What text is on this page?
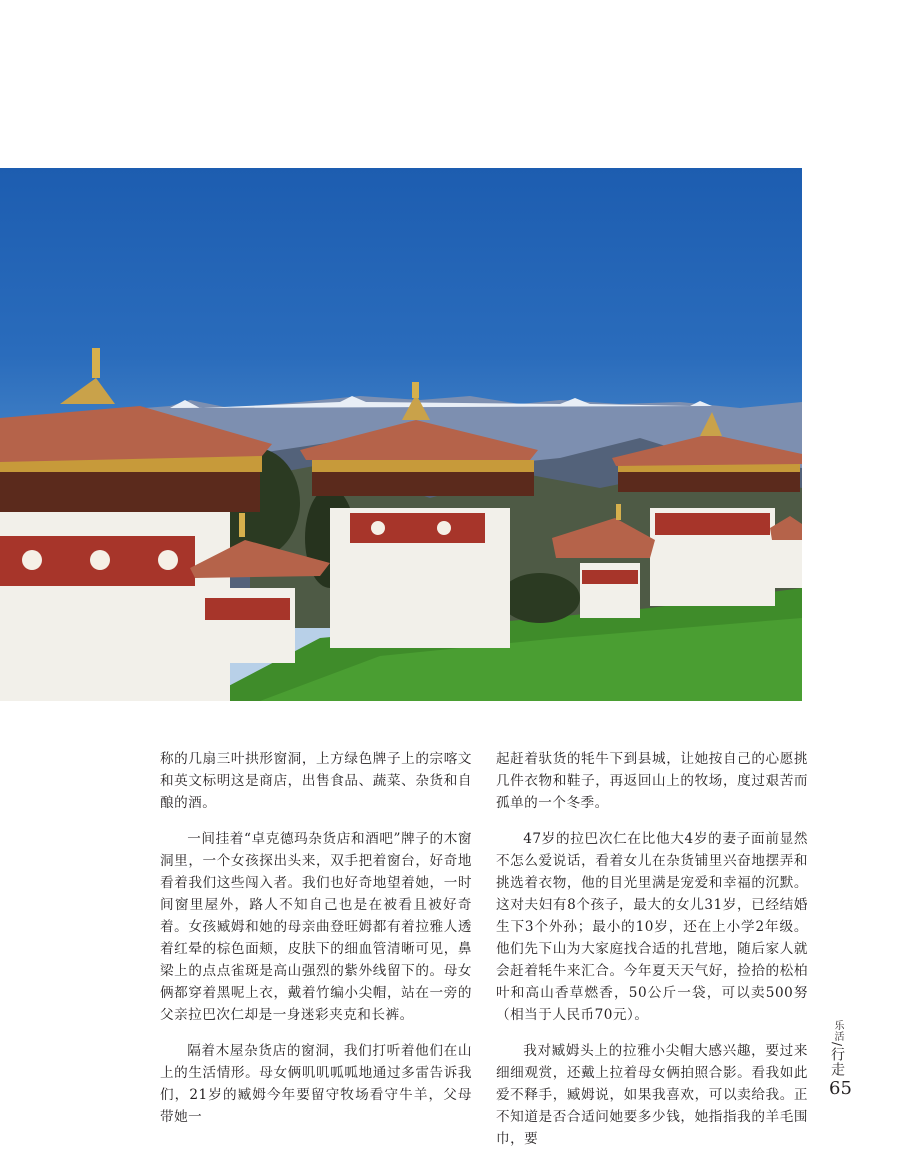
称的几扇三叶拱形窗洞，上方绿色牌子上的宗喀文和英文标明这是商店，出售食品、蔬菜、杂货和自酿的酒。

一间挂着“卓克德玛杂货店和酒吧”牌子的木窗洞里，一个女孩探出头来，双手把着窗台，好奇地看着我们这些闯入者。我们也好奇地望着她，一时间窗里屋外，路人不知自己也是在被看且被好奇着。女孩臧姆和她的母亲曲登旺姆都有着拉雅人透着红晕的棕色面颊，皮肤下的细血管清晰可见，鼻梁上的点点雀斑是高山强烈的紫外线留下的。母女俩都穿着黑呢上衣，戴着竹编小尖帽，站在一旁的父亲拉巴次仁却是一身迷彩夹克和长裤。

隔着木屋杂货店的窗洞，我们打听着他们在山上的生活情形。母女俩叽叽呱呱地通过多雷告诉我们，21岁的臧姆今年要留守牧场看守牛羊，父母带她一

起赶着驮货的牦牛下到县城，让她按自己的心愿挑几件衣物和鞋子，再返回山上的牧场，度过艰苦而孤单的一个冬季。

47岁的拉巴次仁在比他大4岁的妻子面前显然不怎么爱说话，看着女儿在杂货铺里兴奋地摆弄和挑选着衣物，他的目光里满是宠爱和幸福的沉默。这对夫妇有8个孩子，最大的女儿31岁，已经结婚生下3个外孙；最小的10岁，还在上小学2年级。他们先下山为大家庭找合适的扎营地，随后家人就会赶着牦牛来汇合。今年夏天天气好，捡拾的松柏叶和高山香草燃香，50公斤一袋，可以卖500努（相当于人民币70元）。

我对臧姆头上的拉雅小尖帽大感兴趣，要过来细细观赏，还戴上拉着母女俩拍照合影。看我如此爱不释手，臧姆说，如果我喜欢，可以卖给我。正不知道是否合适问她要多少钱，她指指我的羊毛围巾，要

乐活/行走
65
